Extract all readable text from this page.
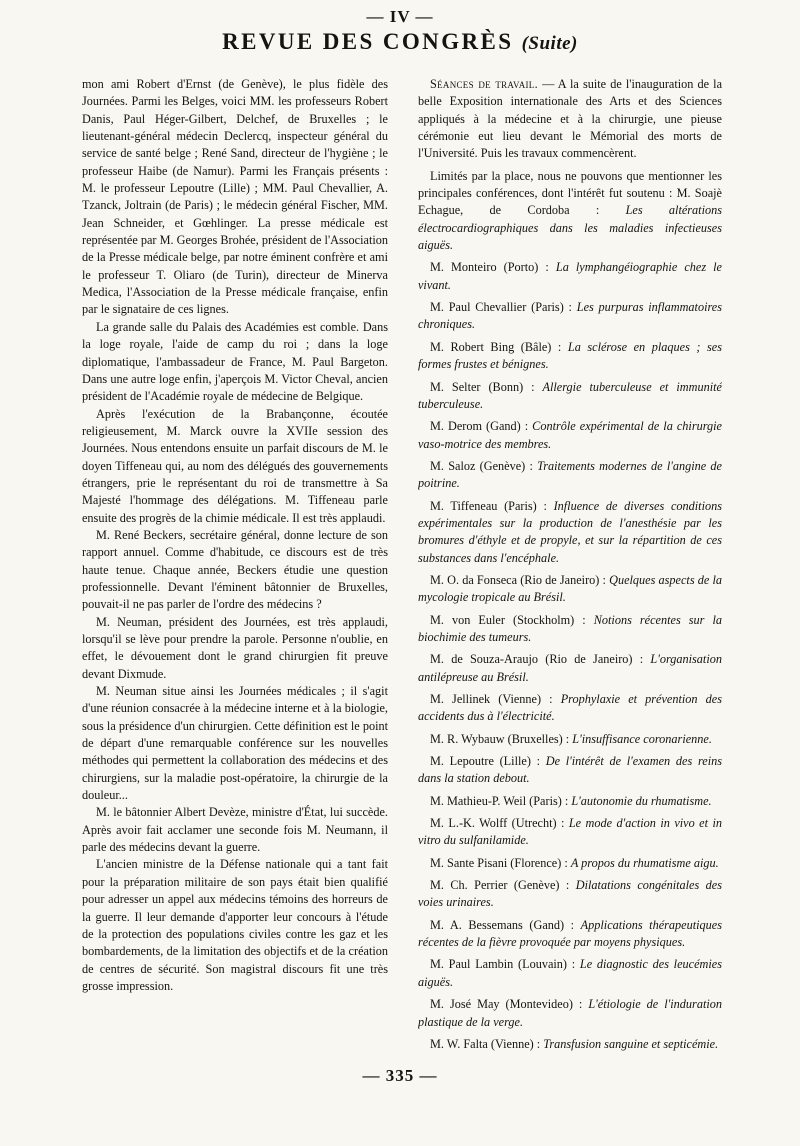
— IV —
REVUE DES CONGRÈS (Suite)

mon ami Robert d'Ernst (de Genève), le plus fidèle des Journées. Parmi les Belges, voici MM. les professeurs Robert Danis, Paul Héger-Gilbert, Delchef, de Bruxelles ; le lieutenant-général médecin Declercq, inspecteur général du service de santé belge ; René Sand, directeur de l'hygiène ; le professeur Haibe (de Namur). Parmi les Français présents : M. le professeur Lepoutre (Lille) ; MM. Paul Chevallier, A. Tzanck, Joltrain (de Paris) ; le médecin général Fischer, MM. Jean Schneider, et Gœhlinger. La presse médicale est représentée par M. Georges Brohée, président de l'Association de la Presse médicale belge, par notre éminent confrère et ami le professeur T. Oliaro (de Turin), directeur de Minerva Medica, l'Association de la Presse médicale française, enfin par le signataire de ces lignes.

La grande salle du Palais des Académies est comble. Dans la loge royale, l'aide de camp du roi ; dans la loge diplomatique, l'ambassadeur de France, M. Paul Bargeton. Dans une autre loge enfin, j'aperçois M. Victor Cheval, ancien président de l'Académie royale de médecine de Belgique.

Après l'exécution de la Brabançonne, écoutée religieusement, M. Marck ouvre la XVIIe session des Journées. Nous entendons ensuite un parfait discours de M. le doyen Tiffeneau qui, au nom des délégués des gouvernements étrangers, prie le représentant du roi de transmettre à Sa Majesté l'hommage des délégations. M. Tiffeneau parle ensuite des progrès de la chimie médicale. Il est très applaudi.

M. René Beckers, secrétaire général, donne lecture de son rapport annuel. Comme d'habitude, ce discours est de très haute tenue. Chaque année, Beckers étudie une question professionnelle. Devant l'éminent bâtonnier de Bruxelles, pouvait-il ne pas parler de l'ordre des médecins ?

M. Neuman, président des Journées, est très applaudi, lorsqu'il se lève pour prendre la parole. Personne n'oublie, en effet, le dévouement dont le grand chirurgien fit preuve devant Dixmude.

M. Neuman situe ainsi les Journées médicales ; il s'agit d'une réunion consacrée à la médecine interne et à la biologie, sous la présidence d'un chirurgien. Cette définition est le point de départ d'une remarquable conférence sur les nouvelles méthodes qui permettent la collaboration des médecins et des chirurgiens, sur la maladie post-opératoire, la chirurgie de la douleur...

M. le bâtonnier Albert Devèze, ministre d'État, lui succède. Après avoir fait acclamer une seconde fois M. Neumann, il parle des médecins devant la guerre.

L'ancien ministre de la Défense nationale qui a tant fait pour la préparation militaire de son pays était bien qualifié pour adresser un appel aux médecins témoins des horreurs de la guerre. Il leur demande d'apporter leur concours à l'étude de la protection des populations civiles contre les gaz et les bombardements, de la limitation des objectifs et de la création de centres de sécurité. Son magistral discours fit une très grosse impression.

Séances de travail. — A la suite de l'inauguration de la belle Exposition internationale des Arts et des Sciences appliqués à la médecine et à la chirurgie, une pieuse cérémonie eut lieu devant le Mémorial des morts de l'Université. Puis les travaux commencèrent.

Limités par la place, nous ne pouvons que mentionner les principales conférences, dont l'intérêt fut soutenu : M. Soajè Echague, de Cordoba : Les altérations électrocardiographiques dans les maladies infectieuses aiguës.

M. Monteiro (Porto) : La lymphangéiographie chez le vivant.

M. Paul Chevallier (Paris) : Les purpuras inflammatoires chroniques.

M. Robert Bing (Bâle) : La sclérose en plaques ; ses formes frustes et bénignes.

M. Selter (Bonn) : Allergie tuberculeuse et immunité tuberculeuse.

M. Derom (Gand) : Contrôle expérimental de la chirurgie vaso-motrice des membres.

M. Saloz (Genève) : Traitements modernes de l'angine de poitrine.

M. Tiffeneau (Paris) : Influence de diverses conditions expérimentales sur la production de l'anesthésie par les bromures d'éthyle et de propyle, et sur la répartition de ces substances dans l'encéphale.

M. O. da Fonseca (Rio de Janeiro) : Quelques aspects de la mycologie tropicale au Brésil.

M. von Euler (Stockholm) : Notions récentes sur la biochimie des tumeurs.

M. de Souza-Araujo (Rio de Janeiro) : L'organisation antilépreuse au Brésil.

M. Jellinek (Vienne) : Prophylaxie et prévention des accidents dus à l'électricité.

M. R. Wybauw (Bruxelles) : L'insuffisance coronarienne.

M. Lepoutre (Lille) : De l'intérêt de l'examen des reins dans la station debout.

M. Mathieu-P. Weil (Paris) : L'autonomie du rhumatisme.

M. L.-K. Wolff (Utrecht) : Le mode d'action in vivo et in vitro du sulfanilamide.

M. Sante Pisani (Florence) : A propos du rhumatisme aigu.

M. Ch. Perrier (Genève) : Dilatations congénitales des voies urinaires.

M. A. Bessemans (Gand) : Applications thérapeutiques récentes de la fièvre provoquée par moyens physiques.

M. Paul Lambin (Louvain) : Le diagnostic des leucémies aiguës.

M. José May (Montevideo) : L'étiologie de l'induration plastique de la verge.

M. W. Falta (Vienne) : Transfusion sanguine et septicémie.

— 335 —
